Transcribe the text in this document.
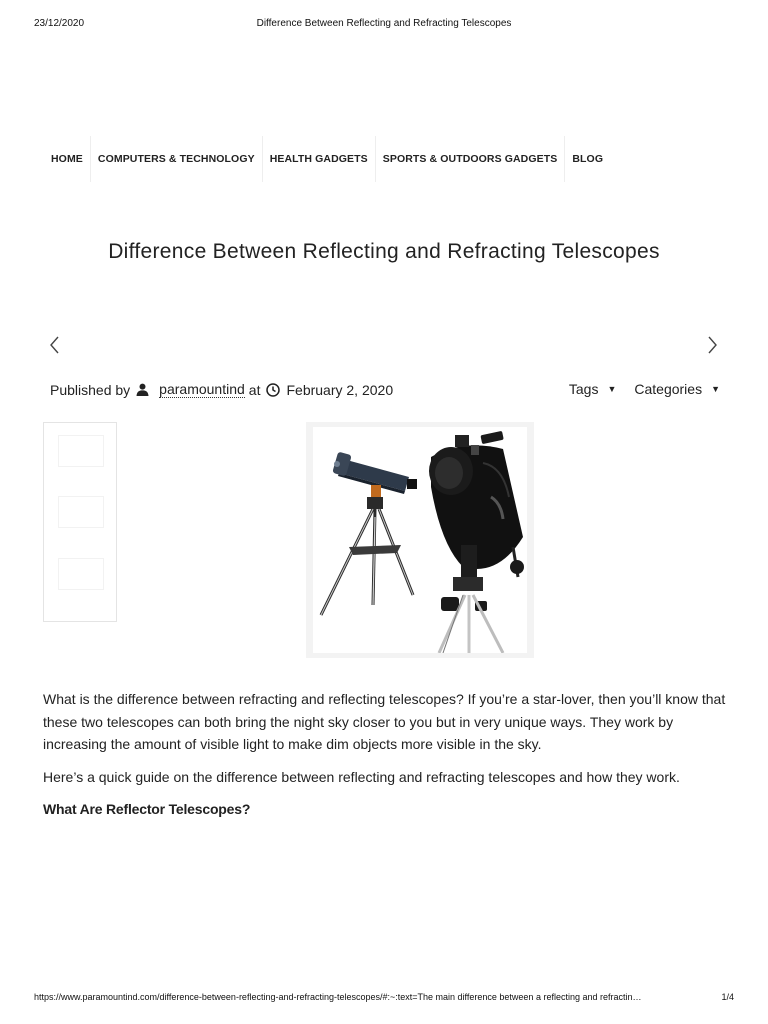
23/12/2020	Difference Between Reflecting and Refracting Telescopes
HOME	COMPUTERS & TECHNOLOGY	HEALTH GADGETS	SPORTS & OUTDOORS GADGETS	BLOG
Difference Between Reflecting and Refracting Telescopes
Published by paramountind at February 2, 2020	Tags ▼ Categories ▼

What is the difference between refracting and reflecting telescopes? If you’re a star-lover, then you’ll know that these two telescopes can both bring the night sky closer to you but in very unique ways. They work by increasing the amount of visible light to make dim objects more visible in the sky.

Here’s a quick guide on the difference between reflecting and refracting telescopes and how they work.

What Are Reflector Telescopes?
https://www.paramountind.com/difference-between-reflecting-and-refracting-telescopes/#:~:text=The main difference between a reflecting and refractin…	1/4
